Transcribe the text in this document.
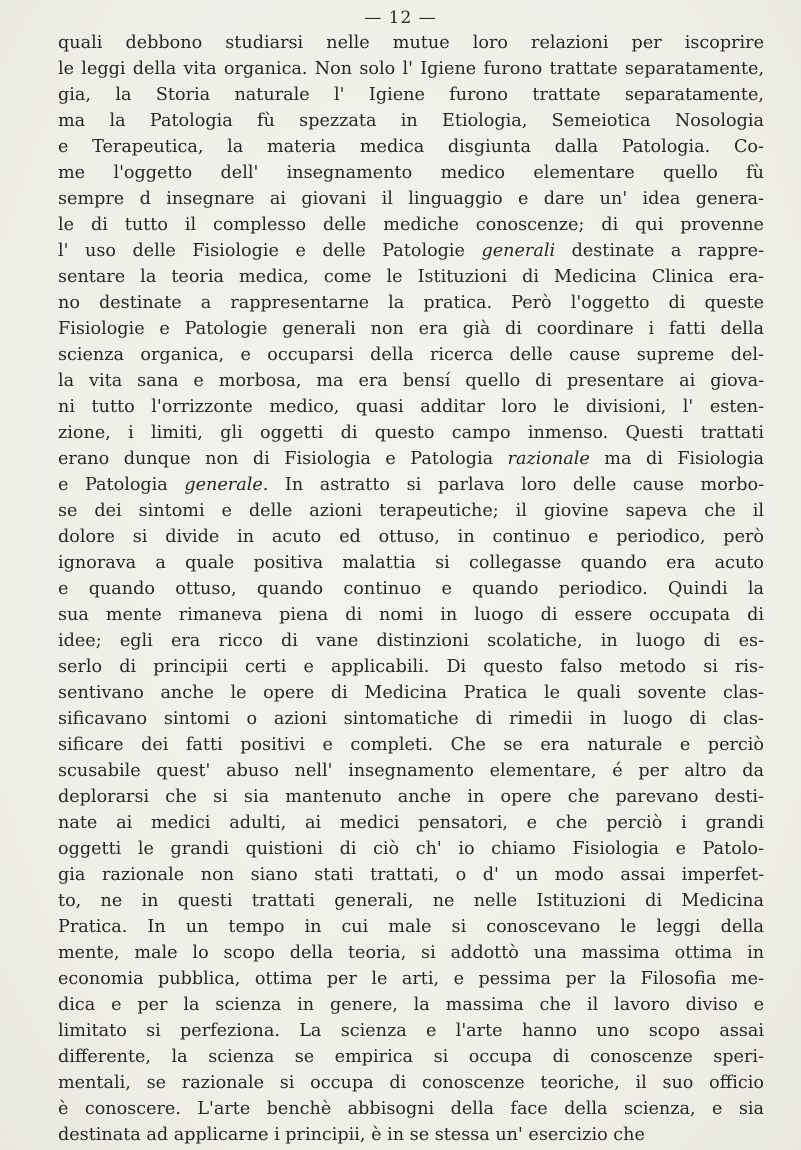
— 12 —
quali debbono studiarsi nelle mutue loro relazioni per iscoprire
le leggi della vita organica. Non solo l' Igiene furono trattate separatamente,
gia, la Storia naturale l' Igiene furono trattate separatamente,
ma la Patologia fù spezzata in Etiologia, Semeiotica Nosologia
e Terapeutica, la materia medica disgiunta dalla Patologia. Co-
me l'oggetto dell' insegnamento medico elementare quello fù
sempre d insegnare ai giovani il linguaggio e dare un' idea genera-
le di tutto il complesso delle mediche conoscenze; di qui provenne
l' uso delle Fisiologie e delle Patologie generali destinate a rappre-
sentare la teoria medica, come le Istituzioni di Medicina Clinica era-
no destinate a rappresentarne la pratica. Però l'oggetto di queste
Fisiologie e Patologie generali non era già di coordinare i fatti della
scienza organica, e occuparsi della ricerca delle cause supreme del-
la vita sana e morbosa, ma era bensí quello di presentare ai giova-
ni tutto l'orrizzonte medico, quasi additar loro le divisioni, l' esten-
zione, i limiti, gli oggetti di questo campo inmenso. Questi trattati
erano dunque non di Fisiologia e Patologia razionale ma di Fisiologia
e Patologia generale. In astratto si parlava loro delle cause morbo-
se dei sintomi e delle azioni terapeutiche; il giovine sapeva che il
dolore si divide in acuto ed ottuso, in continuo e periodico, però
ignorava a quale positiva malattia si collegasse quando era acuto
e quando ottuso, quando continuo e quando periodico. Quindi la
sua mente rimaneva piena di nomi in luogo di essere occupata di
idee; egli era ricco di vane distinzioni scolatiche, in luogo di es-
serlo di principii certi e applicabili. Di questo falso metodo si ris-
sentivano anche le opere di Medicina Pratica le quali sovente clas-
sificavano sintomi o azioni sintomatiche di rimedii in luogo di clas-
sificare dei fatti positivi e completi. Che se era naturale e perciò
scusabile quest' abuso nell' insegnamento elementare, é per altro da
deplorarsi che si sia mantenuto anche in opere che parevano desti-
nate ai medici adulti, ai medici pensatori, e che perciò i grandi
oggetti le grandi quistioni di ciò ch' io chiamo Fisiologia e Patolo-
gia razionale non siano stati trattati, o d' un modo assai imperfet-
to, ne in questi trattati generali, ne nelle Istituzioni di Medicina
Pratica. In un tempo in cui male si conoscevano le leggi della
mente, male lo scopo della teoria, si addottò una massima ottima in
economia pubblica, ottima per le arti, e pessima per la Filosofia me-
dica e per la scienza in genere, la massima che il lavoro diviso e
limitato si perfeziona. La scienza e l'arte hanno uno scopo assai
differente, la scienza se empirica si occupa di conoscenze speri-
mentali, se razionale si occupa di conoscenze teoriche, il suo officio
è conoscere. L'arte benchè abbisogni della face della scienza, e sia
destinata ad applicarne i principii, è in se stessa un' esercizio che
